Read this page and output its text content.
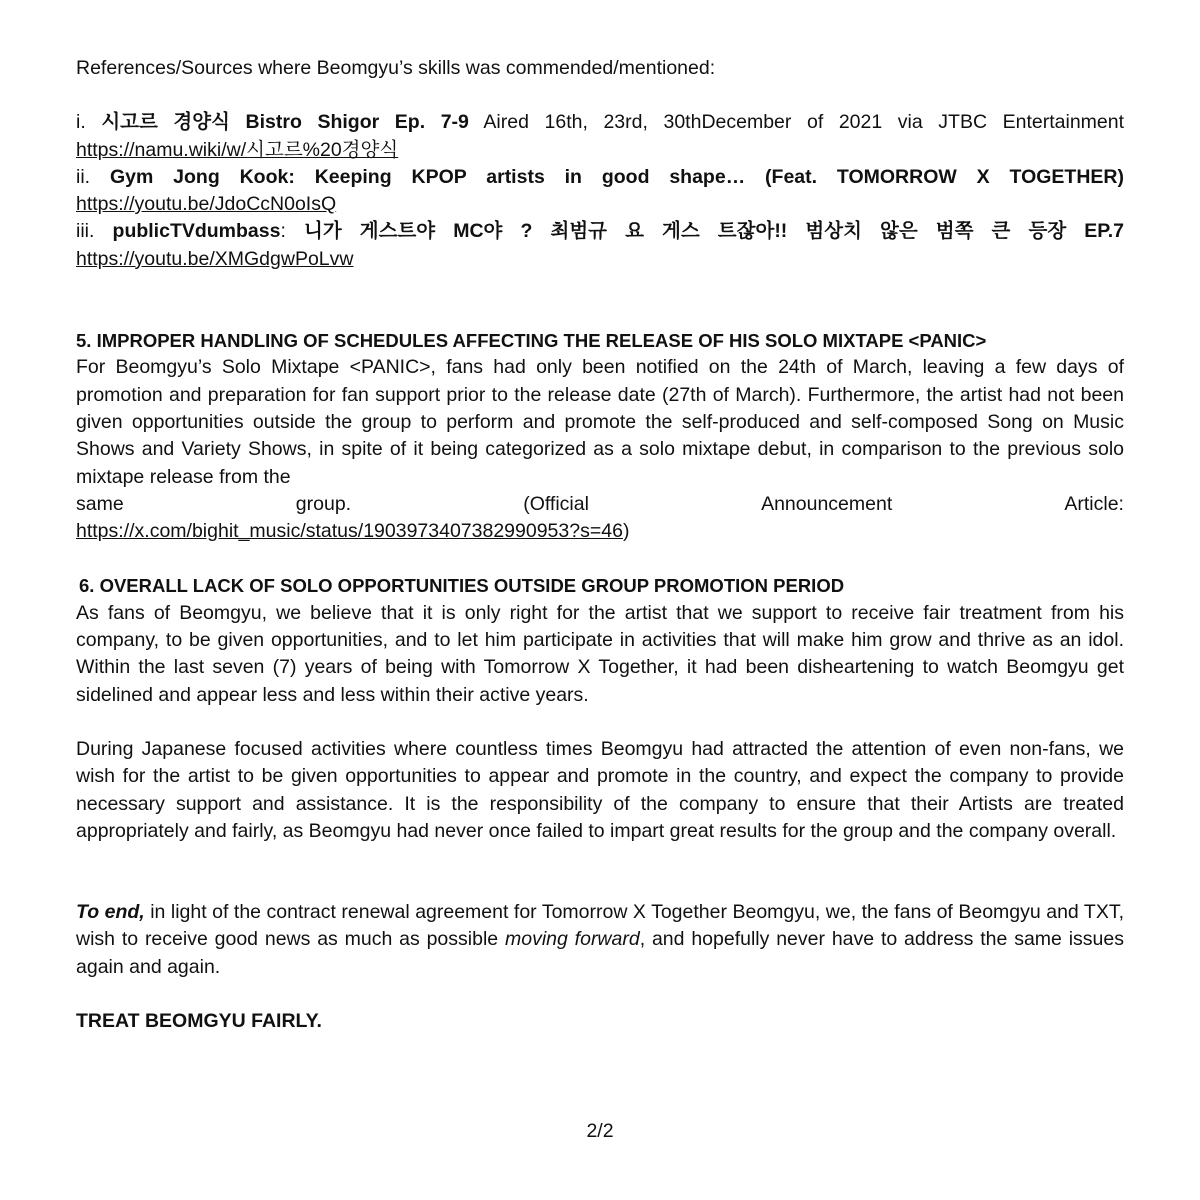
References/Sources where Beomgyu’s skills was commended/mentioned:

i. 시고르 경양식 Bistro Shigor Ep. 7-9 Aired 16th, 23rd, 30thDecember of 2021 via JTBC Entertainment

https://namu.wiki/w/시고르%20경양식

ii. Gym Jong Kook: Keeping KPOP artists in good shape… (Feat. TOMORROW X TOGETHER)

https://youtu.be/JdoCcN0oIsQ

iii. publicTVdumbass: 니가 게스트야 MC야 ? 최범규 요 게스 트잖아!! 범상치 않은 범쪽 큰 등장 EP.7

https://youtu.be/XMGdgwPoLvw

5. IMPROPER HANDLING OF SCHEDULES AFFECTING THE RELEASE OF HIS SOLO MIXTAPE <PANIC>

For Beomgyu’s Solo Mixtape <PANIC>, fans had only been notified on the 24th of March, leaving a few days of promotion and preparation for fan support prior to the release date (27th of March). Furthermore, the artist had not been given opportunities outside the group to perform and promote the self-produced and self-composed Song on Music Shows and Variety Shows, in spite of it being categorized as a solo mixtape debut, in comparison to the previous solo mixtape release from the

same	group.	(Official	Announcement	Article:

https://x.com/bighit_music/status/1903973407382990953?s=46)

6. OVERALL LACK OF SOLO OPPORTUNITIES OUTSIDE GROUP PROMOTION PERIOD

As fans of Beomgyu, we believe that it is only right for the artist that we support to receive fair treatment from his company, to be given opportunities, and to let him participate in activities that will make him grow and thrive as an idol. Within the last seven (7) years of being with Tomorrow X Together, it had been disheartening to watch Beomgyu get sidelined and appear less and less within their active years.

During Japanese focused activities where countless times Beomgyu had attracted the attention of even non-fans, we wish for the artist to be given opportunities to appear and promote in the country, and expect the company to provide necessary support and assistance. It is the responsibility of the company to ensure that their Artists are treated appropriately and fairly, as Beomgyu had never once failed to impart great results for the group and the company overall.

To end, in light of the contract renewal agreement for Tomorrow X Together Beomgyu, we, the fans of Beomgyu and TXT, wish to receive good news as much as possible moving forward, and hopefully never have to address the same issues again and again.

TREAT BEOMGYU FAIRLY.

2/2
